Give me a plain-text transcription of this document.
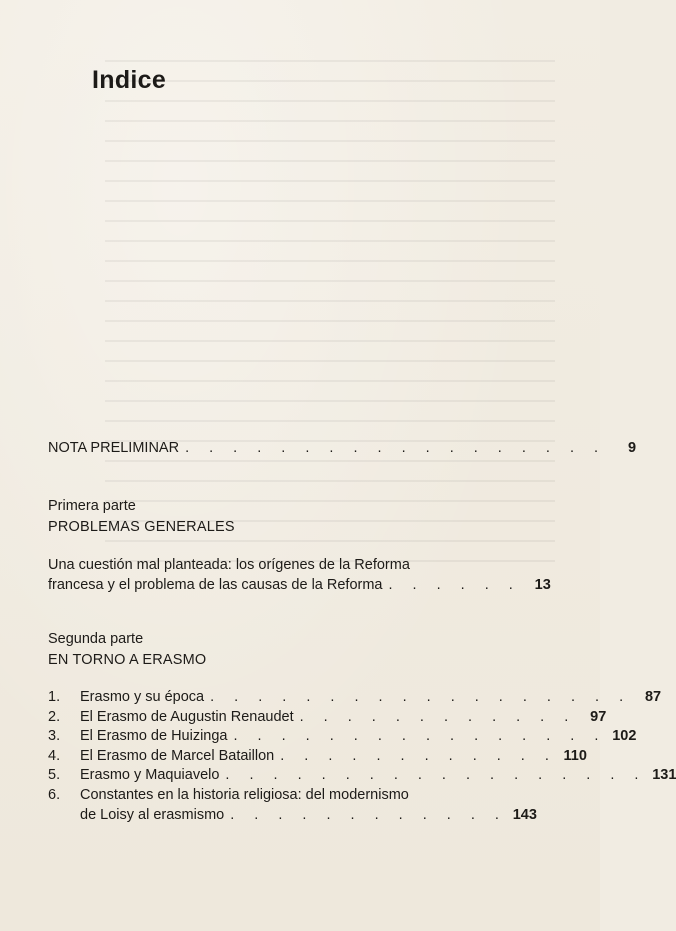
Indice
NOTA PRELIMINAR . . . . . . . . . . . . . . . . . .	9
Primera parte
PROBLEMAS GENERALES
Una cuestión mal planteada: los orígenes de la Reforma
francesa y el problema de las causas de la Reforma . . . . . . 13
Segunda parte
EN TORNO A ERASMO
1.	Erasmo y su época . . . . . . . . . . . . . . . . . . 87
2.	El Erasmo de Augustin Renaudet . . . . . . . . . . . . 97
3.	El Erasmo de Huizinga . . . . . . . . . . . . . . . . 102
4.	El Erasmo de Marcel Bataillon . . . . . . . . . . . . 110
5.	Erasmo y Maquiavelo . . . . . . . . . . . . . . . . . . 131
6.	Constantes en la historia religiosa: del modernismo
de Loisy al erasmismo . . . . . . . . . . . . 143
